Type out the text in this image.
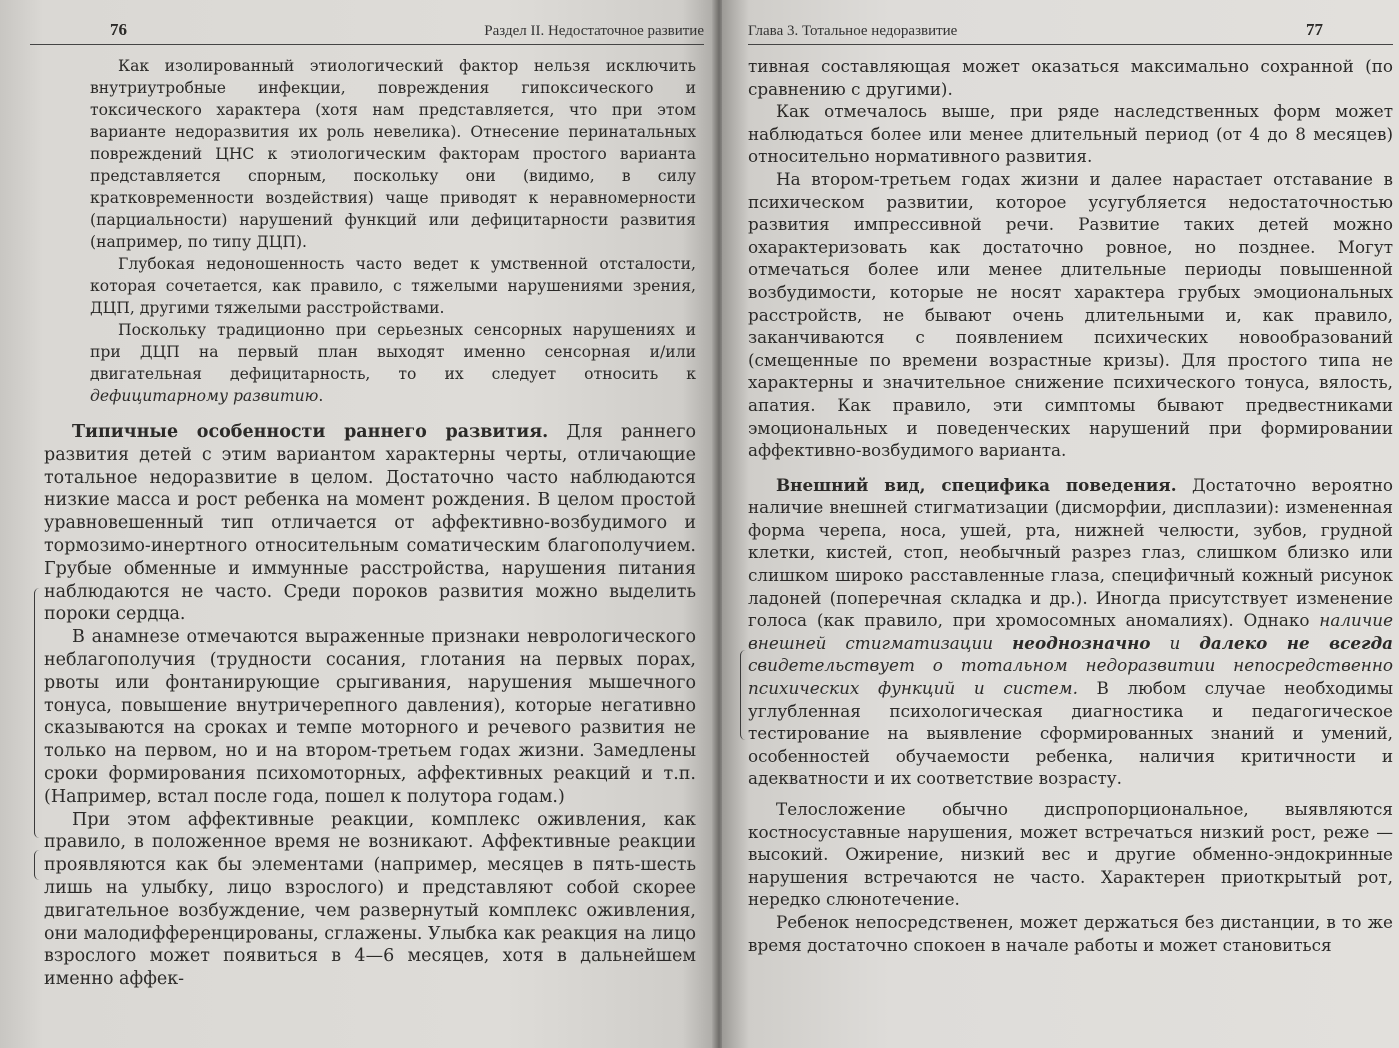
76	Раздел II. Недостаточное развитие

Как изолированный этиологический фактор нельзя исключить внутриутробные инфекции, повреждения гипоксического и токсического характера (хотя нам представляется, что при этом варианте недоразвития их роль невелика). Отнесение перинатальных повреждений ЦНС к этиологическим факторам простого варианта представляется спорным, поскольку они (видимо, в силу кратковременности воздействия) чаще приводят к неравномерности (парциальности) нарушений функций или дефицитарности развития (например, по типу ДЦП).

Глубокая недоношенность часто ведет к умственной отсталости, которая сочетается, как правило, с тяжелыми нарушениями зрения, ДЦП, другими тяжелыми расстройствами.

Поскольку традиционно при серьезных сенсорных нарушениях и при ДЦП на первый план выходят именно сенсорная и/или двигательная дефицитарность, то их следует относить к дефицитарному развитию.

Типичные особенности раннего развития. Для раннего развития детей с этим вариантом характерны черты, отличающие тотальное недоразвитие в целом. Достаточно часто наблюдаются низкие масса и рост ребенка на момент рождения. В целом простой уравновешенный тип отличается от аффективно-возбудимого и тормозимо-инертного относительным соматическим благополучием. Грубые обменные и иммунные расстройства, нарушения питания наблюдаются не часто. Среди пороков развития можно выделить пороки сердца.

В анамнезе отмечаются выраженные признаки неврологического неблагополучия (трудности сосания, глотания на первых порах, рвоты или фонтанирующие срыгивания, нарушения мышечного тонуса, повышение внутричерепного давления), которые негативно сказываются на сроках и темпе моторного и речевого развития не только на первом, но и на втором-третьем годах жизни. Замедлены сроки формирования психомоторных, аффективных реакций и т.п. (Например, встал после года, пошел к полутора годам.)

При этом аффективные реакции, комплекс оживления, как правило, в положенное время не возникают. Аффективные реакции проявляются как бы элементами (например, месяцев в пять-шесть лишь на улыбку, лицо взрослого) и представляют собой скорее двигательное возбуждение, чем развернутый комплекс оживления, они малодифференцированы, сглажены. Улыбка как реакция на лицо взрослого может появиться в 4—6 месяцев, хотя в дальнейшем именно аффек-

Глава 3. Тотальное недоразвитие	77

тивная составляющая может оказаться максимально сохранной (по сравнению с другими).

Как отмечалось выше, при ряде наследственных форм может наблюдаться более или менее длительный период (от 4 до 8 месяцев) относительно нормативного развития.

На втором-третьем годах жизни и далее нарастает отставание в психическом развитии, которое усугубляется недостаточностью развития импрессивной речи. Развитие таких детей можно охарактеризовать как достаточно ровное, но позднее. Могут отмечаться более или менее длительные периоды повышенной возбудимости, которые не носят характера грубых эмоциональных расстройств, не бывают очень длительными и, как правило, заканчиваются с появлением психических новообразований (смещенные по времени возрастные кризы). Для простого типа не характерны и значительное снижение психического тонуса, вялость, апатия. Как правило, эти симптомы бывают предвестниками эмоциональных и поведенческих нарушений при формировании аффективно-возбудимого варианта.

Внешний вид, специфика поведения. Достаточно вероятно наличие внешней стигматизации (дисморфии, дисплазии): измененная форма черепа, носа, ушей, рта, нижней челюсти, зубов, грудной клетки, кистей, стоп, необычный разрез глаз, слишком близко или слишком широко расставленные глаза, специфичный кожный рисунок ладоней (поперечная складка и др.). Иногда присутствует изменение голоса (как правило, при хромосомных аномалиях). Однако наличие внешней стигматизации неоднозначно и далеко не всегда свидетельствует о тотальном недоразвитии непосредственно психических функций и систем. В любом случае необходимы углубленная психологическая диагностика и педагогическое тестирование на выявление сформированных знаний и умений, особенностей обучаемости ребенка, наличия критичности и адекватности и их соответствие возрасту.

Телосложение обычно диспропорциональное, выявляются костносуставные нарушения, может встречаться низкий рост, реже — высокий. Ожирение, низкий вес и другие обменно-эндокринные нарушения встречаются не часто. Характерен приоткрытый рот, нередко слюнотечение.

Ребенок непосредственен, может держаться без дистанции, в то же время достаточно спокоен в начале работы и может становиться
